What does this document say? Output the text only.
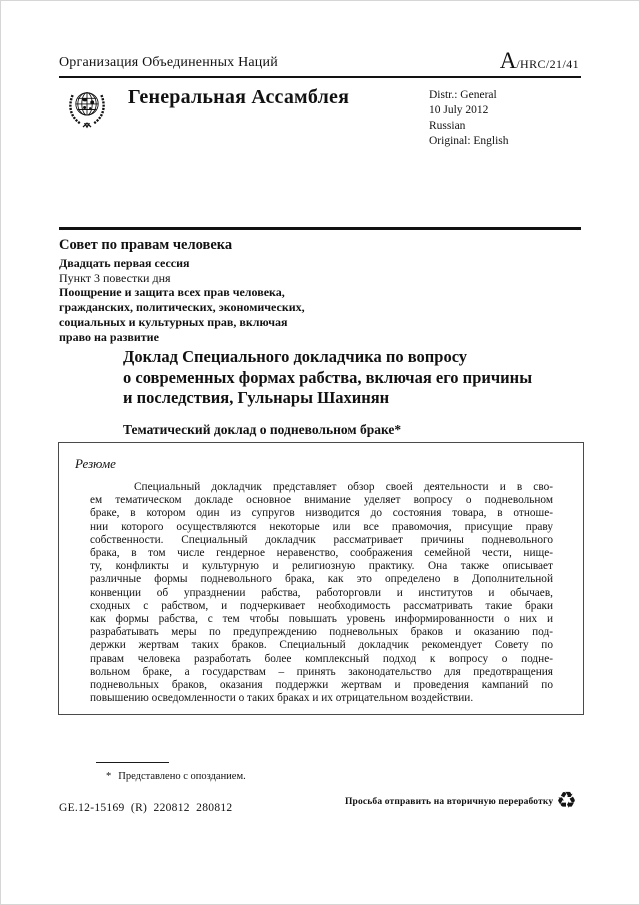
Организация Объединенных Наций	A /HRC/21/41
Генеральная Ассамблея	Distr.: General
10 July 2012
Russian
Original: English
Совет по правам человека
Двадцать первая сессия
Пункт 3 повестки дня
Поощрение и защита всех прав человека,
гражданских, политических, экономических,
социальных и культурных прав, включая
право на развитие
Доклад Специального докладчика по вопросу
о современных формах рабства, включая его причины
и последствия, Гульнары Шахинян
Тематический доклад о подневольном браке*
Резюме
Специальный докладчик представляет обзор своей деятельности и в сво-
ем тематическом докладе основное внимание уделяет вопросу о подневольном
браке, в котором один из супругов низводится до состояния товара, в отноше-
нии которого осуществляются некоторые или все правомочия, присущие праву
собственности. Специальный докладчик рассматривает причины подневольного
брака, в том числе гендерное неравенство, соображения семейной чести, нище-
ту, конфликты и культурную и религиозную практику. Она также описывает
различные формы подневольного брака, как это определено в Дополнительной
конвенции об упразднении рабства, работорговли и институтов и обычаев,
сходных с рабством, и подчеркивает необходимость рассматривать такие браки
как формы рабства, с тем чтобы повышать уровень информированности о них и
разрабатывать меры по предупреждению подневольных браков и оказанию под-
держки жертвам таких браков. Специальный докладчик рекомендует Совету по
правам человека разработать более комплексный подход к вопросу о подне-
вольном браке, а государствам – принять законодательство для предотвращения
подневольных браков, оказания поддержки жертвам и проведения кампаний по
повышению осведомленности о таких браках и их отрицательном воздействии.
* Представлено с опозданием.
GE.12-15169  (R)  220812  280812
Просьба отправить на вторичную переработку ♻
